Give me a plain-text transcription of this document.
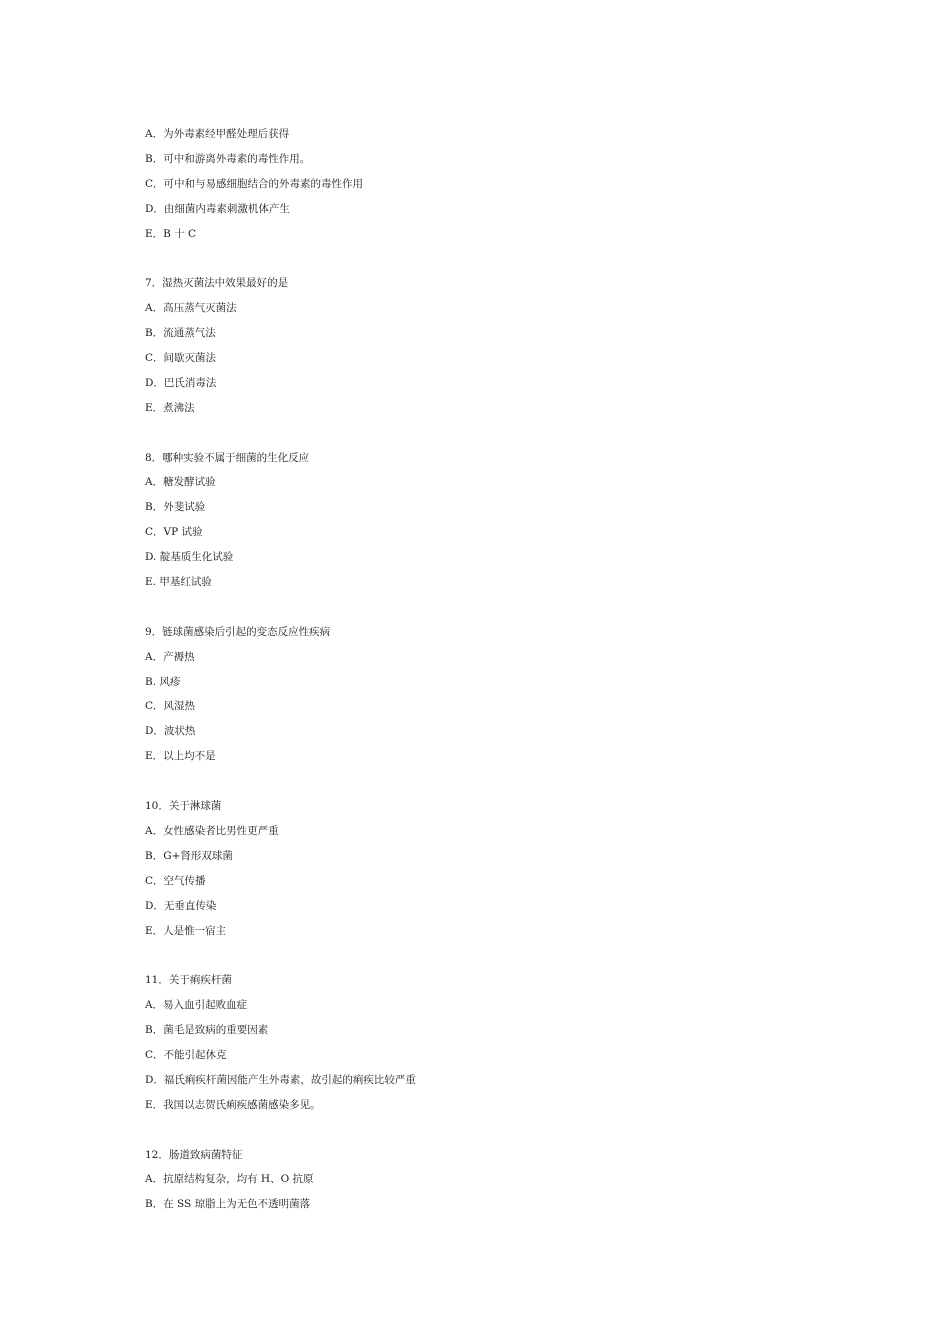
A．为外毒素经甲醛处理后获得
B．可中和游离外毒素的毒性作用。
C．可中和与易感细胞结合的外毒素的毒性作用
D．由细菌内毒素刺激机体产生
E．B 十 C
7．湿热灭菌法中效果最好的是
A．高压蒸气灭菌法
B．流通蒸气法
C．间歇灭菌法
D．巴氏消毒法
E．煮沸法
8．哪种实验不属于细菌的生化反应
A．糖发酵试验
B．外斐试验
C．VP 试验
D. 靛基质生化试验
E. 甲基红试验
9．链球菌感染后引起的变态反应性疾病
A．产褥热
B. 风疹
C．风湿热
D．波状热
E．以上均不是
10．关于淋球菌
A．女性感染者比男性更严重
B．G+肾形双球菌
C．空气传播
D．无垂直传染
E．人是惟一宿主
11．关于痢疾杆菌
A．易入血引起败血症
B．菌毛是致病的重要因素
C．不能引起休克
D．福氏痢疾杆菌因能产生外毒素，故引起的痢疾比较严重
E．我国以志贺氏痢疾感菌感染多见。
12．肠道致病菌特征
A．抗原结构复杂，均有 H、O 抗原
B．在 SS 琼脂上为无色不透明菌落
